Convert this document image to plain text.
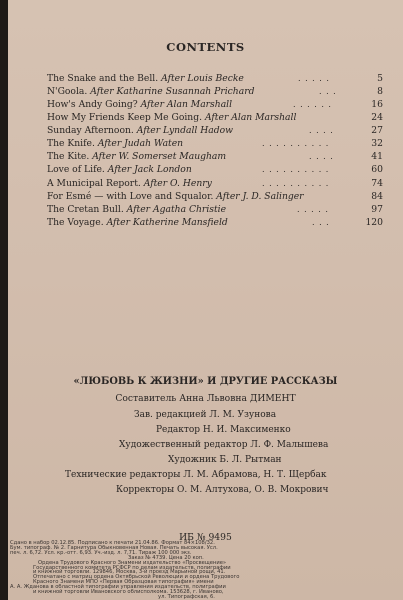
CONTENTS
The Snake and the Bell. After Louis Becke	. . . . .	5
N'Goola. After Katharine Susannah Prichard	. . .	8
How's Andy Going? After Alan Marshall	. . . . . .	16
How My Friends Keep Me Going. After Alan Marshall	24
Sunday Afternoon. After Lyndall Hadow	. . . .	27
The Knife. After Judah Waten	. . . . . . . . . .	32
The Kite. After W. Somerset Maugham	. . . .	41
Love of Life. After Jack London	. . . . . . . . . .	60
A Municipal Report. After O. Henry	. . . . . . . . . .	74
For Esmé — with Love and Squalor. After J. D. Salinger	84
The Cretan Bull. After Agatha Christie	. . . . .	97
The Voyage. After Katherine Mansfield	. . .	120
«ЛЮБОВЬ К ЖИЗНИ» И ДРУГИЕ РАССКАЗЫ
Составитель Анна Львовна ДИМЕНТ
Зав. редакцией Л. М. Узунова
Редактор Н. И. Максименко
Художественный редактор Л. Ф. Малышева
Художник Б. Л. Рытман
Технические редакторы Л. М. Абрамова, Н. Т. Щербак
Корректоры О. М. Алтухова, О. В. Мокрович
ИБ № 9495
Сдано в набор 02.12.85. Подписано к печати 21.04.86. Формат 84×108/32.
Бум. типограф. № 2. Гарнитура Обыкновенная Новая. Печать высокая. Усл.
печ. л. 6,72. Усл. кр.-отт. 6,93. Уч.-изд. л. 7,71. Тираж 100 000 экз.
Заказ № 4739. Цена 20 коп.
Ордена Трудового Красного Знамени издательство «Просвещение»
Государственного комитета РСФСР по делам издательств, полиграфии
и книжной торговли. 129846, Москва, 3-й проезд Марьиной рощи, 41.
Отпечатано с матриц ордена Октябрьской Революции и ордена Трудового
Красного Знамени МПО «Первая Образцовая типография» имени
А. А. Жданова в областной типографии управления издательств, полиграфии
и книжной торговли Ивановского облисполкома. 153628, г. Иваново,
ул. Типографская, 6.
